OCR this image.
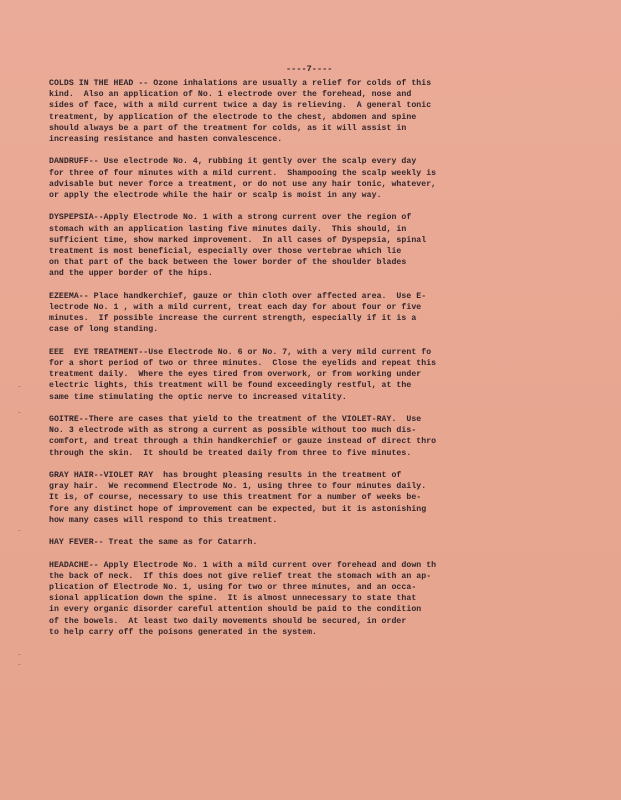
----7----
COLDS IN THE HEAD -- Ozone inhalations are usually a relief for colds of this
kind.  Also an application of No. 1 electrode over the forehead, nose and
sides of face, with a mild current twice a day is relieving.  A general tonic
treatment, by application of the electrode to the chest, abdomen and spine
should always be a part of the treatment for colds, as it will assist in
increasing resistance and hasten convalescence.
DANDRUFF-- Use electrode No. 4, rubbing it gently over the scalp every day
for three of four minutes with a mild current.  Shampooing the scalp weekly is
advisable but never force a treatment, or do not use any hair tonic, whatever,
or apply the electrode while the hair or scalp is moist in any way.
DYSPEPSIA--Apply Electrode No. 1 with a strong current over the region of
stomach with an application lasting five minutes daily.  This should, in
sufficient time, show marked improvement.  In all cases of Dyspepsia, spinal
treatment is most beneficial, especially over those vertebrae which lie
on that part of the back between the lower border of the shoulder blades
and the upper border of the hips.
EZEEMA-- Place handkerchief, gauze or thin cloth over affected area.  Use E-
lectrode No. 1 , with a mild current, treat each day for about four or five
minutes.  If possible increase the current strength, especially if it is a
case of long standing.
EEE  EYE TREATMENT--Use Electrode No. 6 or No. 7, with a very mild current fo
for a short period of two or three minutes.  Close the eyelids and repeat this
treatment daily.  Where the eyes tired from overwork, or from working under
electric lights, this treatment will be found exceedingly restful, at the
same time stimulating the optic nerve to increased vitality.
GOITRE--There are cases that yield to the treatment of the VIOLET-RAY.  Use
No. 3 electrode with as strong a current as possible without too much dis-
comfort, and treat through a thin handkerchief or gauze instead of direct thro
through the skin.  It should be treated daily from three to five minutes.
GRAY HAIR--VIOLET RAY  has brought pleasing results in the treatment of
gray hair.  We recommend Electrode No. 1, using three to four minutes daily.
It is, of course, necessary to use this treatment for a number of weeks be-
fore any distinct hope of improvement can be expected, but it is astonishing
how many cases will respond to this treatment.
HAY FEVER-- Treat the same as for Catarrh.
HEADACHE-- Apply Electrode No. 1 with a mild current over forehead and down th
the back of neck.  If this does not give relief treat the stomach with an ap-
plication of Electrode No. 1, using for two or three minutes, and an occa-
sional application down the spine.  It is almost unnecessary to state that
in every organic disorder careful attention should be paid to the condition
of the bowels.  At least two daily movements should be secured, in order
to help carry off the poisons generated in the system.
